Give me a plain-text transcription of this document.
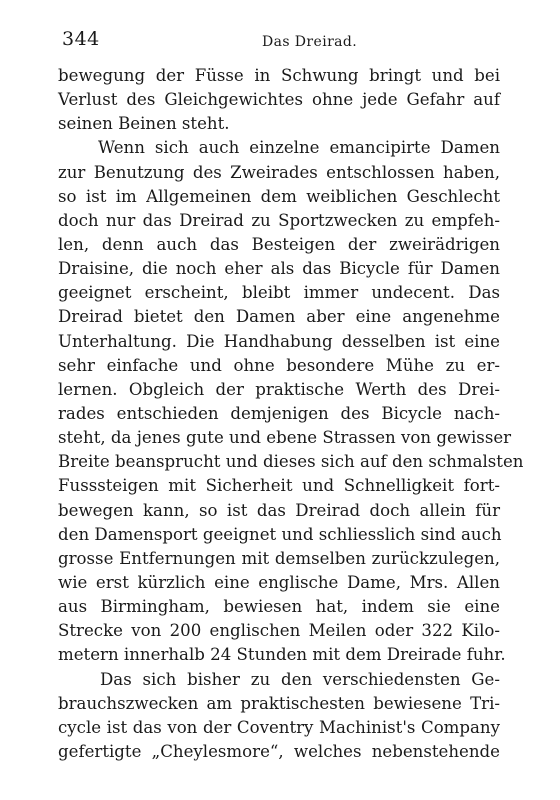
344	Das Dreirad.
bewegung der Füsse in Schwung bringt und bei
Verlust des Gleichgewichtes ohne jede Gefahr auf
seinen Beinen steht.
Wenn sich auch einzelne emancipirte Damen
zur Benutzung des Zweirades entschlossen haben,
so ist im Allgemeinen dem weiblichen Geschlecht
doch nur das Dreirad zu Sportzwecken zu empfeh-
len, denn auch das Besteigen der zweirädrigen
Draisine, die noch eher als das Bicycle für Damen
geeignet erscheint, bleibt immer undecent. Das
Dreirad bietet den Damen aber eine angenehme
Unterhaltung. Die Handhabung desselben ist eine
sehr einfache und ohne besondere Mühe zu er-
lernen. Obgleich der praktische Werth des Drei-
rades entschieden demjenigen des Bicycle nach-
steht, da jenes gute und ebene Strassen von gewisser
Breite beansprucht und dieses sich auf den schmalsten
Fusssteigen mit Sicherheit und Schnelligkeit fort-
bewegen kann, so ist das Dreirad doch allein für
den Damensport geeignet und schliesslich sind auch
grosse Entfernungen mit demselben zurückzulegen,
wie erst kürzlich eine englische Dame, Mrs. Allen
aus Birmingham, bewiesen hat, indem sie eine
Strecke von 200 englischen Meilen oder 322 Kilo-
metern innerhalb 24 Stunden mit dem Dreirade fuhr.
Das sich bisher zu den verschiedensten Ge-
brauchszwecken am praktischesten bewiesene Tri-
cycle ist das von der Coventry Machinist's Company
gefertigte „Cheylesmore“, welches nebenstehende
